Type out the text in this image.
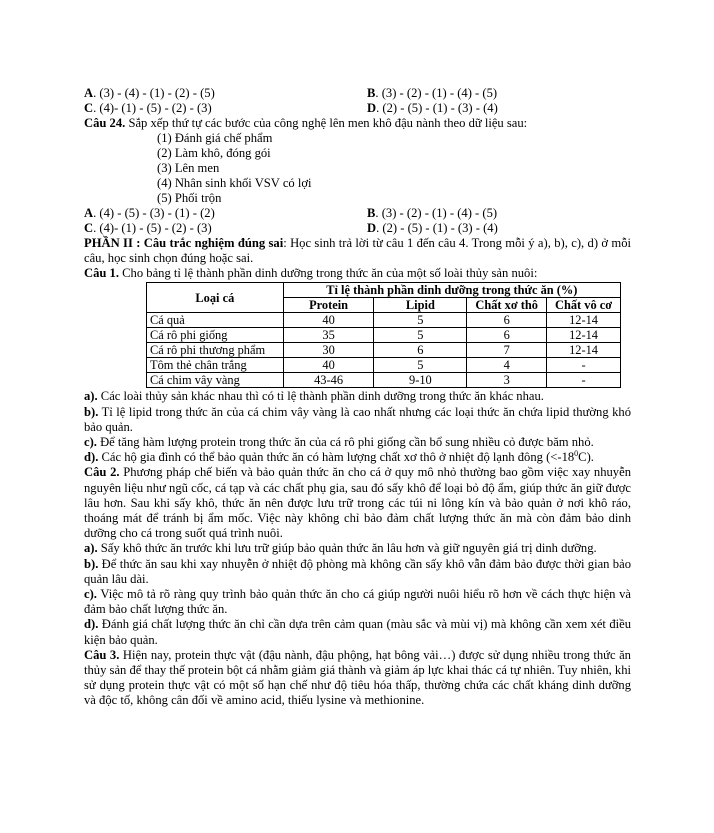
A. (3) - (4) - (1) - (2) - (5)	B. (3) - (2) - (1) - (4) - (5)
C. (4)- (1) - (5) - (2) - (3)	D. (2) - (5) - (1) - (3) - (4)
Câu 24. Sắp xếp thứ tự các bước của công nghệ lên men khô đậu nành theo dữ liệu sau:
(1) Đánh giá chế phẩm
(2) Làm khô, đóng gói
(3) Lên men
(4) Nhân sinh khối VSV có lợi
(5) Phối trộn
A. (4) - (5) - (3) - (1) - (2)	B. (3) - (2) - (1) - (4) - (5)
C. (4)- (1) - (5) - (2) - (3)	D. (2) - (5) - (1) - (3) - (4)
PHẦN II : Câu trắc nghiệm đúng sai: Học sinh trả lời từ câu 1 đến câu 4. Trong mỗi ý a), b), c), d) ở mỗi câu, học sinh chọn đúng hoặc sai.
Câu 1. Cho bảng tỉ lệ thành phần dinh dưỡng trong thức ăn của một số loài thủy sản nuôi:
Loại cá	Tỉ lệ thành phần dinh dưỡng trong thức ăn (%)			
	Protein	Lipid	Chất xơ thô	Chất vô cơ
Cá quả	40	5	6	12-14
Cá rô phi giống	35	5	6	12-14
Cá rô phi thương phẩm	30	6	7	12-14
Tôm thẻ chân trắng	40	5	4	-
Cá chim vây vàng	43-46	9-10	3	-
a). Các loài thủy sản khác nhau thì có tỉ lệ thành phần dinh dưỡng trong thức ăn khác nhau.
b). Tỉ lệ lipid trong thức ăn của cá chim vây vàng là cao nhất nhưng các loại thức ăn chứa lipid thường khó bảo quản.
c). Để tăng hàm lượng protein trong thức ăn của cá rô phi giống cần bổ sung nhiều cỏ được băm nhỏ.
d). Các hộ gia đình có thể bảo quản thức ăn có hàm lượng chất xơ thô ở nhiệt độ lạnh đông $(<-18^0C)$.
Câu 2. Phương pháp chế biến và bảo quản thức ăn cho cá ở quy mô nhỏ thường bao gồm việc xay nhuyễn nguyên liệu như ngũ cốc, cá tạp và các chất phụ gia, sau đó sấy khô để loại bỏ độ ẩm, giúp thức ăn giữ được lâu hơn. Sau khi sấy khô, thức ăn nên được lưu trữ trong các túi ni lông kín và bảo quản ở nơi khô ráo, thoáng mát để tránh bị ẩm mốc. Việc này không chỉ bảo đảm chất lượng thức ăn mà còn đảm bảo dinh dưỡng cho cá trong suốt quá trình nuôi.
a). Sấy khô thức ăn trước khi lưu trữ giúp bảo quản thức ăn lâu hơn và giữ nguyên giá trị dinh dưỡng.
b). Để thức ăn sau khi xay nhuyễn ở nhiệt độ phòng mà không cần sấy khô vẫn đảm bảo được thời gian bảo quản lâu dài.
c). Việc mô tả rõ ràng quy trình bảo quản thức ăn cho cá giúp người nuôi hiểu rõ hơn về cách thực hiện và đảm bảo chất lượng thức ăn.
d). Đánh giá chất lượng thức ăn chỉ cần dựa trên cảm quan (màu sắc và mùi vị) mà không cần xem xét điều kiện bảo quản.
Câu 3. Hiện nay, protein thực vật (đậu nành, đậu phộng, hạt bông vải…) được sử dụng nhiều trong thức ăn thủy sản để thay thế protein bột cá nhằm giảm giá thành và giảm áp lực khai thác cá tự nhiên. Tuy nhiên, khi sử dụng protein thực vật có một số hạn chế như độ tiêu hóa thấp, thường chứa các chất kháng dinh dưỡng và độc tố, không cân đối về amino acid, thiếu lysine và methionine.
